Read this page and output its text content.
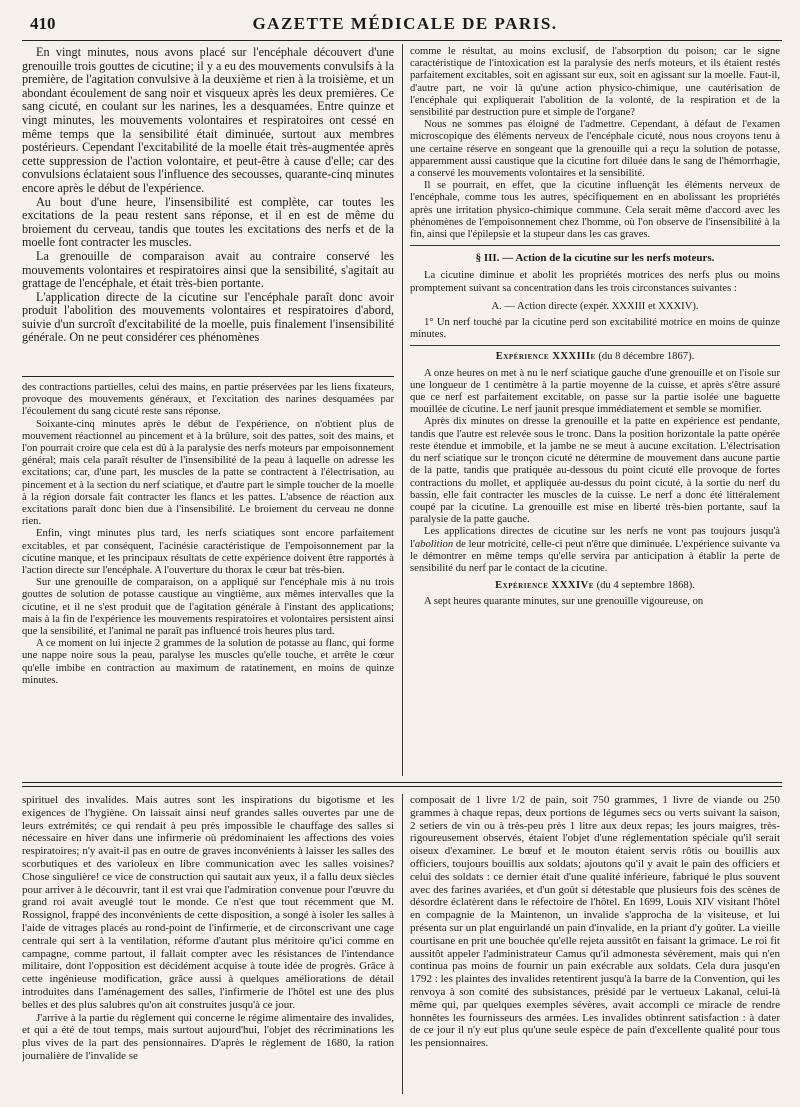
410	GAZETTE MÉDICALE DE PARIS.

En vingt minutes, nous avons placé sur l'encéphale découvert d'une grenouille trois gouttes de cicutine; il y a eu des mouvements convulsifs à la première, de l'agitation convulsive à la deuxième et rien à la troisième, et un abondant écoulement de sang noir et visqueux après les deux premières. Ce sang cicuté, en coulant sur les narines, les a desquamées. Entre quinze et vingt minutes, les mouvements volontaires et respiratoires ont cessé en même temps que la sensibilité était diminuée, surtout aux membres postérieurs. Cependant l'excitabilité de la moelle était très-augmentée après cette suppression de l'action volontaire, et peut-être à cause d'elle; car des convulsions éclataient sous l'influence des secousses, quarante-cinq minutes encore après le début de l'expérience.

Au bout d'une heure, l'insensibilité est complète, car toutes les excitations de la peau restent sans réponse, et il en est de même du broiement du cerveau, tandis que toutes les excitations des nerfs et de la moelle font contracter les muscles.

La grenouille de comparaison avait au contraire conservé les mouvements volontaires et respiratoires ainsi que la sensibilité, s'agitait au grattage de l'encéphale, et était très-bien portante.

L'application directe de la cicutine sur l'encéphale paraît donc avoir produit l'abolition des mouvements volontaires et respiratoires d'abord, suivie d'un surcroît d'excitabilité de la moelle, puis finalement l'insensibilité générale. On ne peut considérer ces phénomènes

des contractions partielles, celui des mains, en partie préservées par les liens fixateurs, provoque des mouvements généraux, et l'excitation des narines desquamées par l'écoulement du sang cicuté reste sans réponse.

Soixante-cinq minutes après le début de l'expérience, on n'obtient plus de mouvement réactionnel au pincement et à la brûlure, soit des pattes, soit des mains, et l'on pourrait croire que cela est dû à la paralysie des nerfs moteurs par empoisonnement général; mais cela paraît résulter de l'insensibilité de la peau à laquelle on adresse les excitations; car, d'une part, les muscles de la patte se contractent à l'électrisation, au pincement et à la section du nerf sciatique, et d'autre part le simple toucher de la moelle à la région dorsale fait contracter les flancs et les pattes. L'absence de réaction aux excitations paraît donc bien due à l'insensibilité. Le broiement du cerveau ne donne rien.

Enfin, vingt minutes plus tard, les nerfs sciatiques sont encore parfaitement excitables, et par conséquent, l'acinésie caractéristique de l'empoisonnement par la cicutine manque, et les principaux résultats de cette expérience doivent être rapportés à l'action directe sur l'encéphale. A l'ouverture du thorax le cœur bat très-bien.

Sur une grenouille de comparaison, on a appliqué sur l'encéphale mis à nu trois gouttes de solution de potasse caustique au vingtième, aux mêmes intervalles que la cicutine, et il ne s'est produit que de l'agitation générale à l'instant des applications; mais à la fin de l'expérience les mouvements respiratoires et volontaires persistent ainsi que la sensibilité, et l'animal ne paraît pas influencé trois heures plus tard.

A ce moment on lui injecte 2 grammes de la solution de potasse au flanc, qui forme une nappe noire sous la peau, paralyse les muscles qu'elle touche, et arrête le cœur qu'elle imbibe en contraction au maximum de ratatinement, en moins de quinze minutes.

comme le résultat, au moins exclusif, de l'absorption du poison; car le signe caractéristique de l'intoxication est la paralysie des nerfs moteurs, et ils étaient restés parfaitement excitables, soit en agissant sur eux, soit en agissant sur la moelle. Faut-il, d'autre part, ne voir là qu'une action physico-chimique, une cautérisation de l'encéphale qui expliquerait l'abolition de la volonté, de la respiration et de la sensibilité par destruction pure et simple de l'organe?

Nous ne sommes pas éloigné de l'admettre. Cependant, à défaut de l'examen microscopique des éléments nerveux de l'encéphale cicuté, nous nous croyons tenu à une certaine réserve en songeant que la grenouille qui a reçu la solution de potasse, apparemment aussi caustique que la cicutine fort diluée dans le sang de l'hémorrhagie, a conservé les mouvements volontaires et la sensibilité.

Il se pourrait, en effet, que la cicutine influençât les éléments nerveux de l'encéphale, comme tous les autres, spécifiquement en en abolissant les propriétés après une irritation physico-chimique commune. Cela serait même d'accord avec les phénomènes de l'empoisonnement chez l'homme, où l'on observe de l'insensibilité à la fin, ainsi que l'épilepsie et la stupeur dans les cas graves.

§ III. — Action de la cicutine sur les nerfs moteurs.

La cicutine diminue et abolit les propriétés motrices des nerfs plus ou moins promptement suivant sa concentration dans les trois circonstances suivantes :

A. — Action directe (expér. XXXIII et XXXIV).

1° Un nerf touché par la cicutine perd son excitabilité motrice en moins de quinze minutes.

Expérience XXXIIIe (du 8 décembre 1867).

A onze heures on met à nu le nerf sciatique gauche d'une grenouille et on l'isole sur une longueur de 1 centimètre à la partie moyenne de la cuisse, et après s'être assuré que ce nerf est parfaitement excitable, on passe sur la partie isolée une baguette mouillée de cicutine. Le nerf jaunit presque immédiatement et semble se momifier.

Après dix minutes on dresse la grenouille et la patte en expérience est pendante, tandis que l'autre est relevée sous le tronc. Dans la position horizontale la patte opérée reste étendue et immobile, et la jambe ne se meut à aucune excitation. L'électrisation du nerf sciatique sur le tronçon cicuté ne détermine de mouvement dans aucune partie de la patte, tandis que pratiquée au-dessous du point cicuté elle provoque de fortes contractions du mollet, et appliquée au-dessus du point cicuté, à la sortie du nerf du bassin, elle fait contracter les muscles de la cuisse. Le nerf a donc été littéralement coupé par la cicutine. La grenouille est mise en liberté très-bien portante, sauf la paralysie de la patte gauche.

Les applications directes de cicutine sur les nerfs ne vont pas toujours jusqu'à l'abolition de leur motricité, celle-ci peut n'être que diminuée. L'expérience suivante va le démontrer en même temps qu'elle servira par anticipation à établir la perte de sensibilité du nerf par le contact de la cicutine.

Expérience XXXIVe (du 4 septembre 1868).

A sept heures quarante minutes, sur une grenouille vigoureuse, on

spirituel des invalides. Mais autres sont les inspirations du bigotisme et les exigences de l'hygiène. On laissait ainsi neuf grandes salles ouvertes par une de leurs extrémités; ce qui rendait à peu près impossible le chauffage des salles si nécessaire en hiver dans une infirmerie où prédominaient les affections des voies respiratoires; n'y avait-il pas en outre de graves inconvénients à laisser les salles des scorbutiques et des varioleux en libre communication avec les salles voisines? Chose singulière! ce vice de construction qui sautait aux yeux, il a fallu deux siècles pour arriver à le découvrir, tant il est vrai que l'admiration convenue pour l'œuvre du grand roi avait aveuglé tout le monde. Ce n'est que tout récemment que M. Rossignol, frappé des inconvénients de cette disposition, a songé à isoler les salles à l'aide de vitrages placés au rond-point de l'infirmerie, et de circonscrivant une cage centrale qui sert à la ventilation, réforme d'autant plus méritoire qu'ici comme en campagne, comme partout, il fallait compter avec les résistances de l'intendance militaire, dont l'opposition est décidément acquise à toute idée de progrès. Grâce à cette ingénieuse modification, grâce aussi à quelques améliorations de détail introduites dans l'aménagement des salles, l'infirmerie de l'hôtel est une des plus belles et des plus salubres qu'on ait construites jusqu'à ce jour.

J'arrive à la partie du règlement qui concerne le régime alimentaire des invalides, et qui a été de tout temps, mais surtout aujourd'hui, l'objet des récriminations les plus vives de la part des pensionnaires. D'après le règlement de 1680, la ration journalière de l'invalide se

composait de 1 livre 1/2 de pain, soit 750 grammes, 1 livre de viande ou 250 grammes à chaque repas, deux portions de légumes secs ou verts suivant la saison, 2 setiers de vin ou à très-peu près 1 litre aux deux repas; les jours maigres, très-rigoureusement observés, étaient l'objet d'une réglementation spéciale qu'il serait oiseux d'examiner. Le bœuf et le mouton étaient servis rôtis ou bouillis aux officiers, toujours bouillis aux soldats; ajoutons qu'il y avait le pain des officiers et celui des soldats : ce dernier était d'une qualité inférieure, fabriqué le plus souvent avec des farines avariées, et d'un goût si détestable que plusieurs fois des scènes de désordre éclatèrent dans le réfectoire de l'hôtel. En 1699, Louis XIV visitant l'hôtel en compagnie de la Maintenon, un invalide s'approcha de la visiteuse, et lui présenta sur un plat enguirlandé un pain d'invalide, en la priant d'y goûter. La vieille courtisane en prit une bouchée qu'elle rejeta aussitôt en faisant la grimace. Le roi fit aussitôt appeler l'administrateur Camus qu'il admonesta sévèrement, mais qui n'en continua pas moins de fournir un pain exécrable aux soldats. Cela dura jusqu'en 1792 : les plaintes des invalides retentirent jusqu'à la barre de la Convention, qui les renvoya à son comité des subsistances, présidé par le vertueux Lakanal, celui-là même qui, par quelques exemples sévères, avait accompli ce miracle de rendre honnêtes les fournisseurs des armées. Les invalides obtinrent satisfaction : à dater de ce jour il n'y eut plus qu'une seule espèce de pain d'excellente qualité pour tous les pensionnaires.
